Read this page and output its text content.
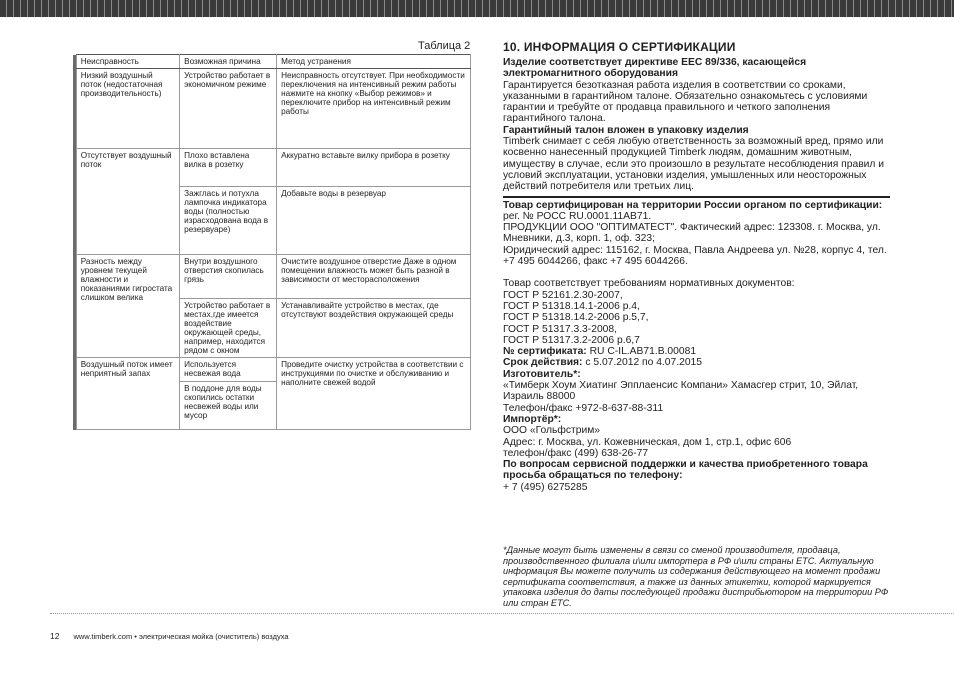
Таблица 2
	Неисправность	Возможная причина	Метод устранения
	Низкий воздушный поток (недостаточная производительность)	Устройство работает в экономичном режиме	Неисправность отсутствует. При необходимости переключения на интенсивный режим работы нажмите на кнопку «Выбор режимов» и переключите прибор на интенсивный режим работы
	Отсутствует воздушный поток	Плохо вставлена вилка в розетку	Аккуратно вставьте вилку прибора в розетку
		Зажглась и потухла лампочка индикатора воды (полностью израсходована вода в резервуаре)	Добавьте воды в резервуар
	Разность между уровнем текущей влажности и показаниями гигростата слишком велика	Внутри воздушного отверстия скопилась грязь	Очистите воздушное отверстие Даже в одном помещении влажность может быть разной в зависимости от месторасположения
		Устройство работает в местах,где имеется воздействие окружающей среды, например, находится рядом с окном	Устанавливайте устройство в местах, где отсутствуют воздействия окружающей среды
	Воздушный поток имеет неприятный запах	Используется несвежая вода	Проведите очистку устройства в соответствии с инструкциями по очистке и обслуживанию и наполните свежей водой
		В поддоне для воды скопились остатки несвежей воды или мусор	
10. ИНФОРМАЦИЯ О СЕРТИФИКАЦИИ

Изделие соответствует директиве EEC 89/336, касающейся электромагнитного оборудования

Гарантируется безотказная работа изделия в соответствии со сроками, указанными в гарантийном талоне. Обязательно ознакомьтесь с условиями гарантии и требуйте от продавца правильного и четкого заполнения гарантийного талона.

Гарантийный талон вложен в упаковку изделия

Timberk снимает с себя любую ответственность за возможный вред, прямо или косвенно нанесенный продукцией Timberk людям, домашним животным, имуществу в случае, если это произошло в результате несоблюдения правил и условий эксплуатации, установки изделия, умышленных или неосторожных действий потребителя или третьих лиц.

Товар сертифицирован на территории России органом по сертификации:

рег. № РОСС RU.0001.11АВ71.

ПРОДУКЦИИ ООО "ОПТИМАТЕСТ". Фактический адрес: 123308. г. Москва, ул. Мневники, д.3, корп. 1, оф. 323;

Юридический адрес: 115162, г. Москва, Павла Андреева ул. №28, корпус 4, тел. +7 495 6044266, факс +7 495 6044266.

Товар соответствует требованиям нормативных документов:

ГОСТ Р 52161.2.30-2007,

ГОСТ Р 51318.14.1-2006 р.4,

ГОСТ Р 51318.14.2-2006 р.5,7,

ГОСТ Р 51317.3.3-2008,

ГОСТ Р 51317.3.2-2006 р.6,7

№ сертификата: RU C-IL.AB71.B.00081

Срок действия: с 5.07.2012 по 4.07.2015

Изготовитель*:

«Тимберк Хоум Хиатинг Эпплаенсис Компани» Хамасгер стрит, 10, Эйлат, Израиль 88000

Телефон/факс +972-8-637-88-311

Импортёр*:

ООО «Гольфстрим»

Адрес: г. Москва, ул. Кожевническая, дом 1, стр.1, офис 606

телефон/факс (499) 638-26-77

По вопросам сервисной поддержки и качества приобретенного товара просьба обращаться по телефону:

+ 7 (495) 6275285

*Данные могут быть изменены в связи со сменой производителя, продавца, производственного филиала и\или импортера в РФ и\или страны ЕТС. Актуальную информация Вы можете получить из содержания действующего на момент продажи сертификата соответствия, а также из данных этикетки, которой маркируется упаковка изделия до даты последующей продажи дистрибьютором на территории РФ или стран ЕТС.
12 www.timberk.com • электрическая мойка (очиститель) воздуха
